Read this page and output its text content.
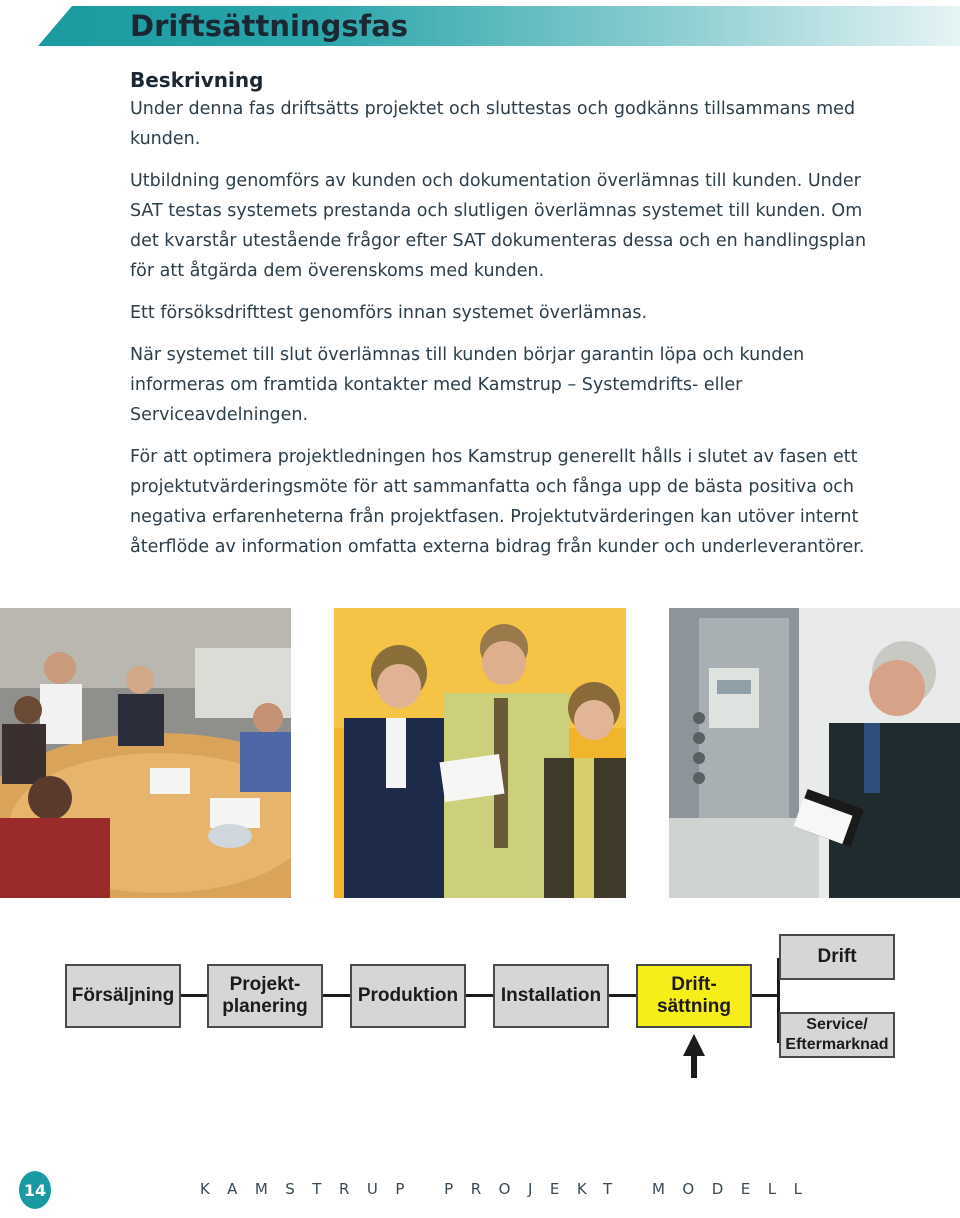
Driftsättningsfas
Beskrivning

Under denna fas driftsätts projektet och sluttestas och godkänns tillsammans med kunden.

Utbildning genomförs av kunden och dokumentation överlämnas till kunden. Under SAT testas systemets prestanda och slutligen överlämnas systemet till kunden. Om det kvarstår utestående frågor efter SAT dokumenteras dessa och en handlingsplan för att åtgärda dem överenskoms med kunden.

Ett försöksdrifttest genomförs innan systemet överlämnas.

När systemet till slut överlämnas till kunden börjar garantin löpa och kunden informeras om framtida kontakter med Kamstrup – Systemdrifts- eller Serviceavdelningen.

För att optimera projektledningen hos Kamstrup generellt hålls i slutet av fasen ett projektutvärderingsmöte för att sammanfatta och fånga upp de bästa positiva och negativa erfarenheterna från projektfasen. Projektutvärderingen kan utöver internt återflöde av information omfatta externa bidrag från kunder och underleverantörer.

Försäljning
Projekt-
planering
Produktion Installation
Drift-
sättning
Drift
Service/
Eftermarknad
14	KAMSTRUP PROJEKT MODELL
